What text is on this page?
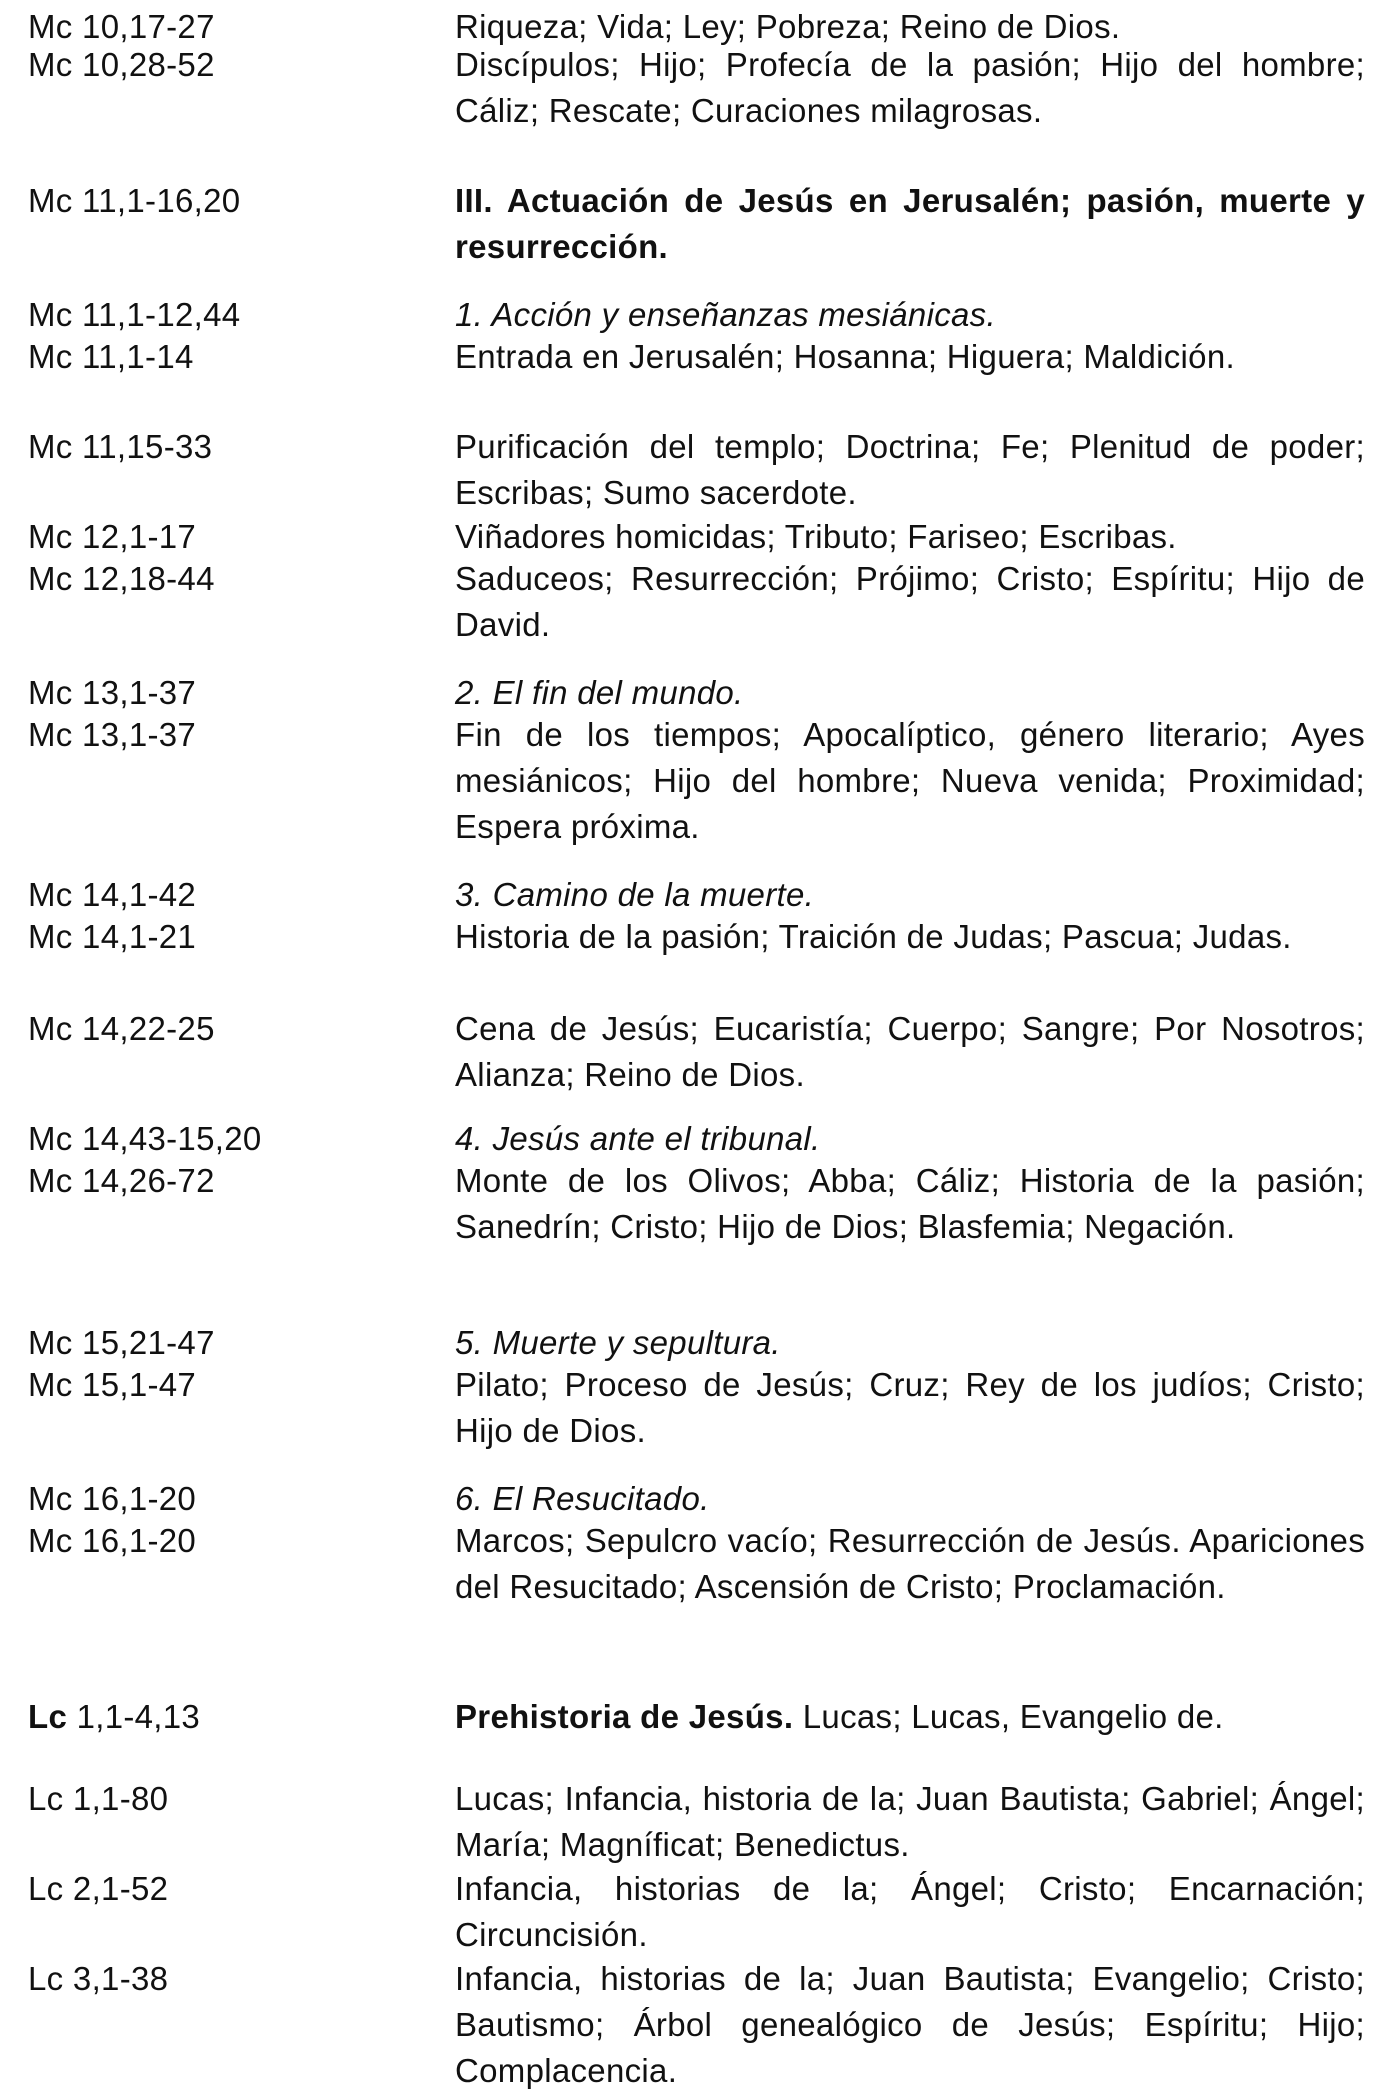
Mc 10,17-27	Riqueza; Vida; Ley; Pobreza; Reino de Dios.
Mc 10,28-52	Discípulos; Hijo; Profecía de la pasión; Hijo del hombre; Cáliz; Rescate; Curaciones milagrosas.
Mc 11,1-16,20	III. Actuación de Jesús en Jerusalén; pasión, muerte y resurrección.
Mc 11,1-12,44	1. Acción y enseñanzas mesiánicas.
Mc 11,1-14	Entrada en Jerusalén; Hosanna; Higuera; Maldición.
Mc 11,15-33	Purificación del templo; Doctrina; Fe; Plenitud de poder; Escribas; Sumo sacerdote.
Mc 12,1-17	Viñadores homicidas; Tributo; Fariseo; Escribas.
Mc 12,18-44	Saduceos; Resurrección; Prójimo; Cristo; Espíritu; Hijo de David.
Mc 13,1-37	2. El fin del mundo.
Mc 13,1-37	Fin de los tiempos; Apocalíptico, género literario; Ayes mesiánicos; Hijo del hombre; Nueva venida; Proximidad; Espera próxima.
Mc 14,1-42	3. Camino de la muerte.
Mc 14,1-21	Historia de la pasión; Traición de Judas; Pascua; Judas.
Mc 14,22-25	Cena de Jesús; Eucaristía; Cuerpo; Sangre; Por Nosotros; Alianza; Reino de Dios.
Mc 14,43-15,20	4. Jesús ante el tribunal.
Mc 14,26-72	Monte de los Olivos; Abba; Cáliz; Historia de la pasión; Sanedrín; Cristo; Hijo de Dios; Blasfemia; Negación.
Mc 15,21-47	5. Muerte y sepultura.
Mc 15,1-47	Pilato; Proceso de Jesús; Cruz; Rey de los judíos; Cristo; Hijo de Dios.
Mc 16,1-20	6. El Resucitado.
Mc 16,1-20	Marcos; Sepulcro vacío; Resurrección de Jesús. Apariciones del Resucitado; Ascensión de Cristo; Proclamación.
Lc 1,1-4,13	Prehistoria de Jesús. Lucas; Lucas, Evangelio de.
Lc 1,1-80	Lucas; Infancia, historia de la; Juan Bautista; Gabriel; Ángel; María; Magníficat; Benedictus.
Lc 2,1-52	Infancia, historias de la; Ángel; Cristo; Encarnación; Circuncisión.
Lc 3,1-38	Infancia, historias de la; Juan Bautista; Evangelio; Cristo; Bautismo; Árbol genealógico de Jesús; Espíritu; Hijo; Complacencia.
